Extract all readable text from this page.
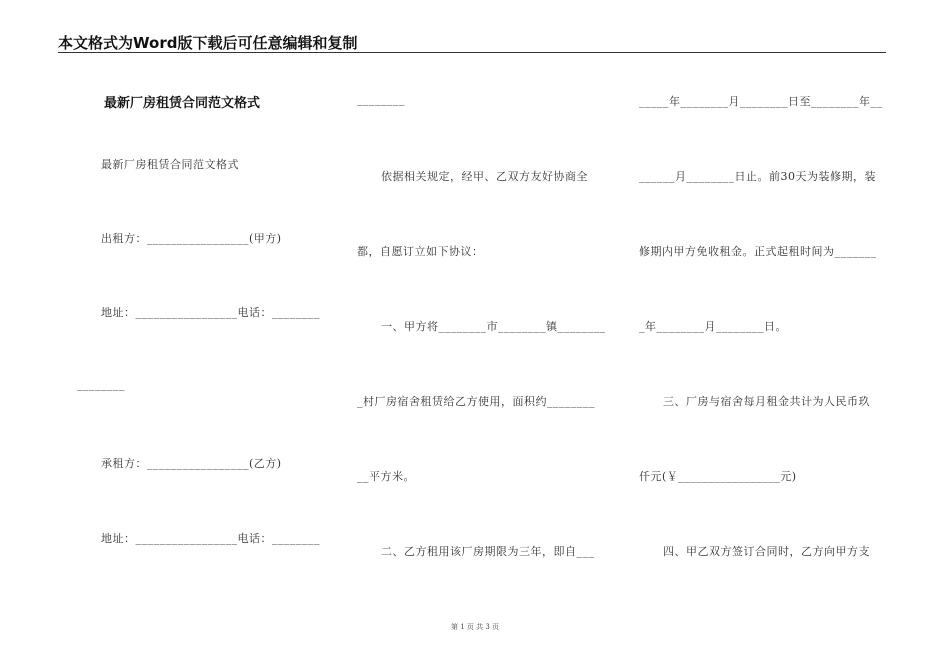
本文格式为Word版下载后可任意编辑和复制
最新厂房租赁合同范文格式
最新厂房租赁合同范文格式
出租方：_________________(甲方)
地址：_________________电话：________
________
承租方：_________________(乙方)
地址：_________________电话：________
________
依据相关规定，经甲、乙双方友好协商全
都，自愿订立如下协议：
一、甲方将________市________镇________
_村厂房宿舍租赁给乙方使用，面积约________
__平方米。
二、乙方租用该厂房期限为三年，即自___
_____年________月________日至________年__
______月________日止。前30天为装修期，装
修期内甲方免收租金。正式起租时间为_______
_年________月________日。
三、厂房与宿舍每月租金共计为人民币玖
仟元(￥_________________元)
四、甲乙双方签订合同时，乙方向甲方支
第 1 页 共 3 页
